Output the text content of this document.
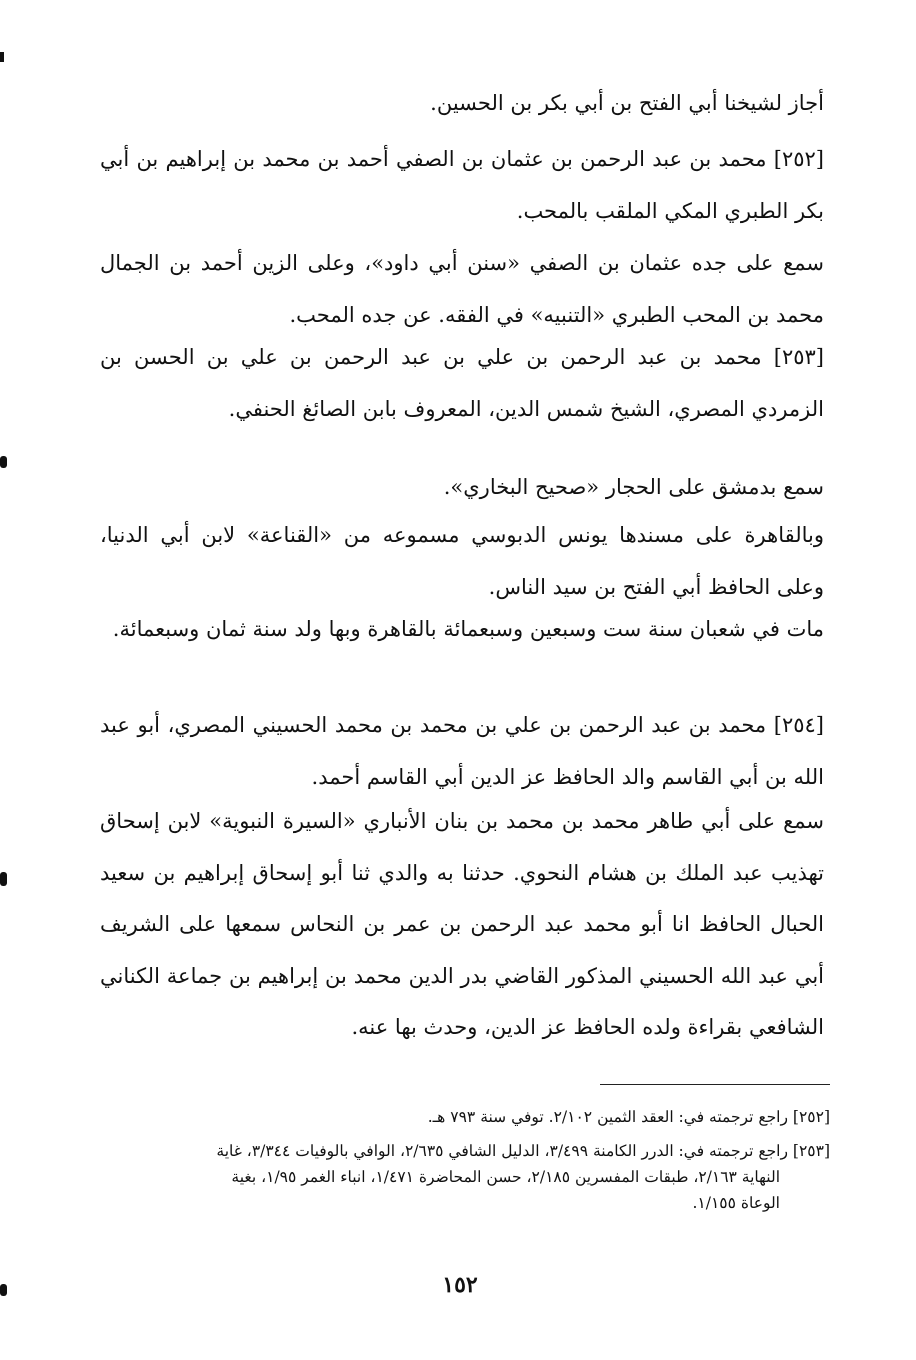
أجاز لشيخنا أبي الفتح بن أبي بكر بن الحسين.
[٢٥٢] محمد بن عبد الرحمن بن عثمان بن الصفي أحمد بن محمد بن إبراهيم بن أبي بكر الطبري المكي الملقب بالمحب.
سمع على جده عثمان بن الصفي «سنن أبي داود»، وعلى الزين أحمد بن الجمال محمد بن المحب الطبري «التنبيه» في الفقه. عن جده المحب.
[٢٥٣] محمد بن عبد الرحمن بن علي بن عبد الرحمن بن علي بن الحسن بن الزمردي المصري، الشيخ شمس الدين، المعروف بابن الصائغ الحنفي.
سمع بدمشق على الحجار «صحيح البخاري».
وبالقاهرة على مسندها يونس الدبوسي مسموعه من «القناعة» لابن أبي الدنيا، وعلى الحافظ أبي الفتح بن سيد الناس.
مات في شعبان سنة ست وسبعين وسبعمائة بالقاهرة وبها ولد سنة ثمان وسبعمائة.
[٢٥٤] محمد بن عبد الرحمن بن علي بن محمد بن محمد الحسيني المصري، أبو عبد الله بن أبي القاسم والد الحافظ عز الدين أبي القاسم أحمد.
سمع على أبي طاهر محمد بن محمد بن بنان الأنباري «السيرة النبوية» لابن إسحاق تهذيب عبد الملك بن هشام النحوي. حدثنا به والدي ثنا أبو إسحاق إبراهيم بن سعيد الحبال الحافظ انا أبو محمد عبد الرحمن بن عمر بن النحاس سمعها على الشريف أبي عبد الله الحسيني المذكور القاضي بدر الدين محمد بن إبراهيم بن جماعة الكناني الشافعي بقراءة ولده الحافظ عز الدين، وحدث بها عنه.
[٢٥٢] راجع ترجمته في: العقد الثمين ٢/١٠٢. توفي سنة ٧٩٣ هـ.
[٢٥٣] راجع ترجمته في: الدرر الكامنة ٣/٤٩٩، الدليل الشافي ٢/٦٣٥، الوافي بالوفيات ٣/٣٤٤، غاية
النهاية ٢/١٦٣، طبقات المفسرين ٢/١٨٥، حسن المحاضرة ١/٤٧١، انباء الغمر ١/٩٥، بغية
الوعاة ١/١٥٥.
١٥٢
